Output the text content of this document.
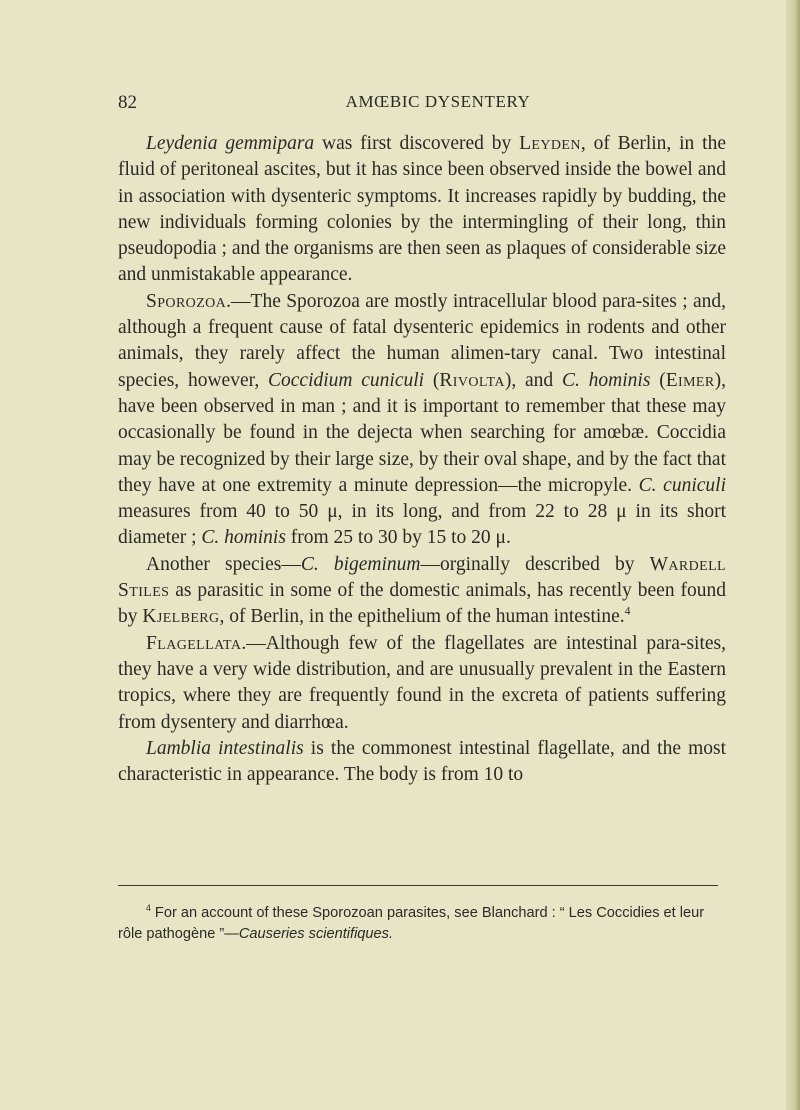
82	AMŒBIC DYSENTERY

Leydenia gemmipara was first discovered by Leyden, of Berlin, in the fluid of peritoneal ascites, but it has since been observed inside the bowel and in association with dysenteric symptoms. It increases rapidly by budding, the new individuals forming colonies by the intermingling of their long, thin pseudopodia ; and the organisms are then seen as plaques of considerable size and unmistakable appearance.

Sporozoa.—The Sporozoa are mostly intracellular blood para-sites ; and, although a frequent cause of fatal dysenteric epidemics in rodents and other animals, they rarely affect the human alimen-tary canal. Two intestinal species, however, Coccidium cuniculi (Rivolta), and C. hominis (Eimer), have been observed in man ; and it is important to remember that these may occasionally be found in the dejecta when searching for amœbæ. Coccidia may be recognized by their large size, by their oval shape, and by the fact that they have at one extremity a minute depression—the micropyle. C. cuniculi measures from 40 to 50 μ, in its long, and from 22 to 28 μ in its short diameter ; C. hominis from 25 to 30 by 15 to 20 μ.

Another species—C. bigeminum—orginally described by Wardell Stiles as parasitic in some of the domestic animals, has recently been found by Kjelberg, of Berlin, in the epithelium of the human intestine.$^4$

Flagellata.—Although few of the flagellates are intestinal para-sites, they have a very wide distribution, and are unusually prevalent in the Eastern tropics, where they are frequently found in the excreta of patients suffering from dysentery and diarrhœa.

Lamblia intestinalis is the commonest intestinal flagellate, and the most characteristic in appearance. The body is from 10 to

$^4$ For an account of these Sporozoan parasites, see Blanchard : “ Les Coccidies et leur rôle pathogène ”—Causeries scientifiques.
